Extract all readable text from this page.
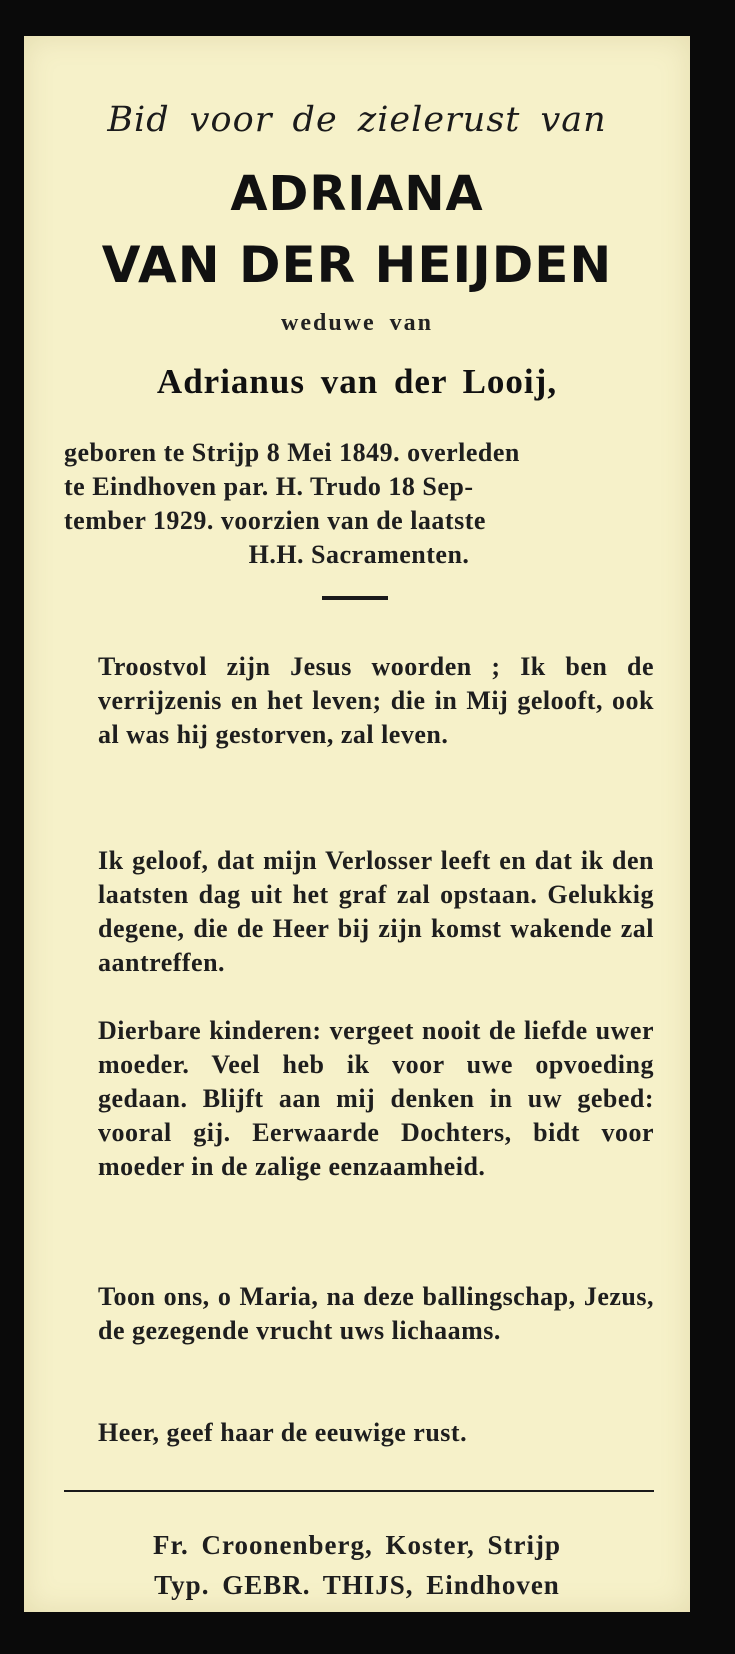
Bid voor de zielerust van
ADRIANA
VAN DER HEIJDEN
weduwe van
Adrianus van der Looij,
geboren te Strijp 8 Mei 1849. overleden
te Eindhoven par. H. Trudo 18 Sep-
tember 1929. voorzien van de laatste
H.H. Sacramenten.
Troostvol zijn Jesus woorden ; Ik ben de verrijzenis en het leven; die in Mij gelooft, ook al was hij gestorven, zal leven.
Ik geloof, dat mijn Verlosser leeft en dat ik den laatsten dag uit het graf zal opstaan. Gelukkig degene, die de Heer bij zijn komst wakende zal aantreffen.
Dierbare kinderen: vergeet nooit de liefde uwer moeder. Veel heb ik voor uwe opvoeding gedaan. Blijft aan mij denken in uw gebed: vooral gij. Eerwaarde Dochters, bidt voor moeder in de zalige eenzaamheid.
Toon ons, o Maria, na deze ballingschap, Jezus, de gezegende vrucht uws lichaams.
Heer, geef haar de eeuwige rust.
Fr. Croonenberg, Koster, Strijp
Typ. GEBR. THIJS, Eindhoven
